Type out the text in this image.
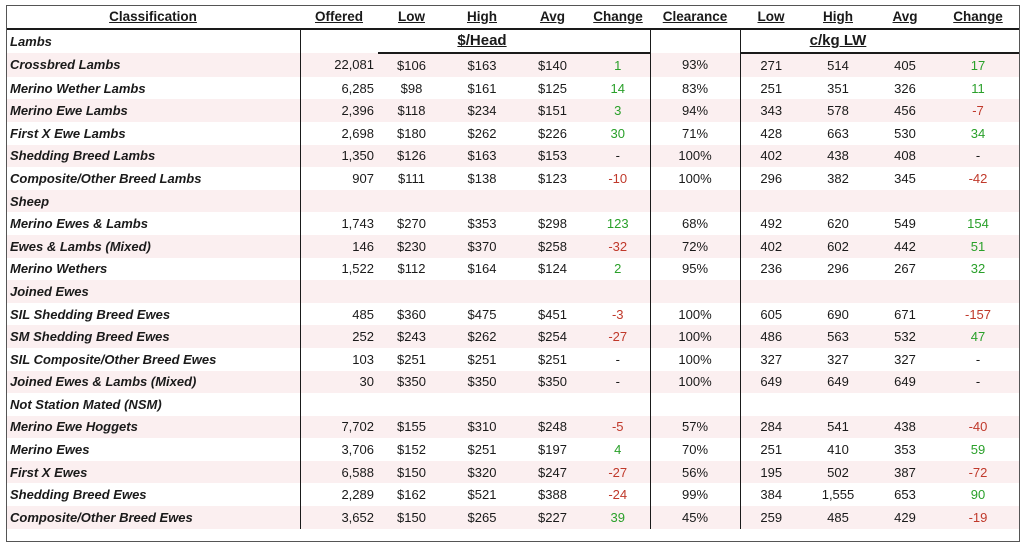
Classification	Offered	Low	High	Avg	Change	Clearance	Low	High	Avg	Change
Lambs			$/Head					c/kg LW		
Crossbred Lambs	22,081	$106	$163	$140	1	93%	271	514	405	17
Merino Wether Lambs	6,285	$98	$161	$125	14	83%	251	351	326	11
Merino Ewe Lambs	2,396	$118	$234	$151	3	94%	343	578	456	-7
First X Ewe Lambs	2,698	$180	$262	$226	30	71%	428	663	530	34
Shedding Breed Lambs	1,350	$126	$163	$153	-	100%	402	438	408	-
Composite/Other Breed Lambs	907	$111	$138	$123	-10	100%	296	382	345	-42
Sheep										
Merino Ewes & Lambs	1,743	$270	$353	$298	123	68%	492	620	549	154
Ewes & Lambs (Mixed)	146	$230	$370	$258	-32	72%	402	602	442	51
Merino Wethers	1,522	$112	$164	$124	2	95%	236	296	267	32
Joined Ewes										
SIL Shedding Breed Ewes	485	$360	$475	$451	-3	100%	605	690	671	-157
SM Shedding Breed Ewes	252	$243	$262	$254	-27	100%	486	563	532	47
SIL Composite/Other Breed Ewes	103	$251	$251	$251	-	100%	327	327	327	-
Joined Ewes & Lambs (Mixed)	30	$350	$350	$350	-	100%	649	649	649	-
Not Station Mated (NSM)										
Merino Ewe Hoggets	7,702	$155	$310	$248	-5	57%	284	541	438	-40
Merino Ewes	3,706	$152	$251	$197	4	70%	251	410	353	59
First X Ewes	6,588	$150	$320	$247	-27	56%	195	502	387	-72
Shedding Breed Ewes	2,289	$162	$521	$388	-24	99%	384	1,555	653	90
Composite/Other Breed Ewes	3,652	$150	$265	$227	39	45%	259	485	429	-19
